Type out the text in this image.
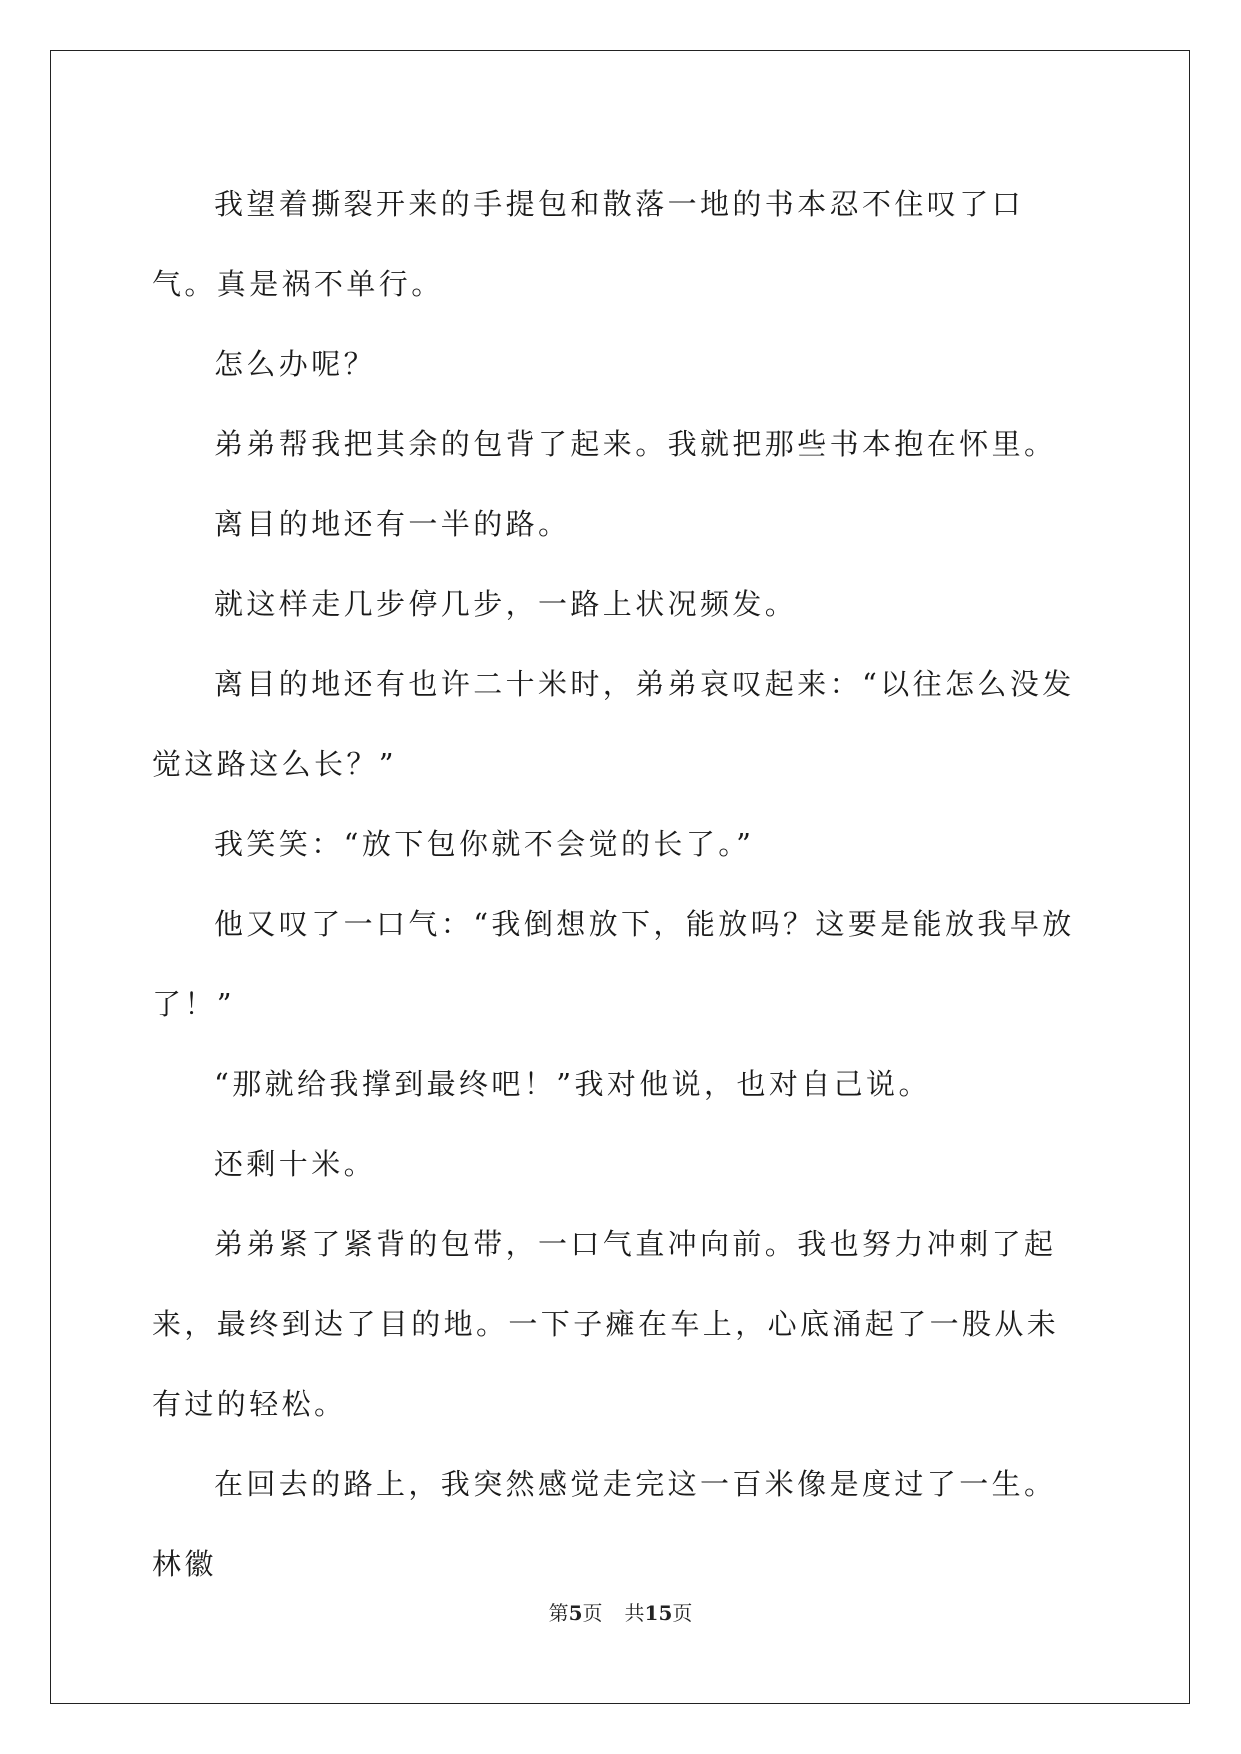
我望着撕裂开来的手提包和散落一地的书本忍不住叹了口气。真是祸不单行。

怎么办呢？

弟弟帮我把其余的包背了起来。我就把那些书本抱在怀里。

离目的地还有一半的路。

就这样走几步停几步，一路上状况频发。

离目的地还有也许二十米时，弟弟哀叹起来：“以往怎么没发觉这路这么长？”

我笑笑：“放下包你就不会觉的长了。”

他又叹了一口气：“我倒想放下，能放吗？这要是能放我早放了！”

“那就给我撑到最终吧！”我对他说，也对自己说。

还剩十米。

弟弟紧了紧背的包带，一口气直冲向前。我也努力冲刺了起来，最终到达了目的地。一下子瘫在车上，心底涌起了一股从未有过的轻松。

在回去的路上，我突然感觉走完这一百米像是度过了一生。林徽

第5页 共15页
